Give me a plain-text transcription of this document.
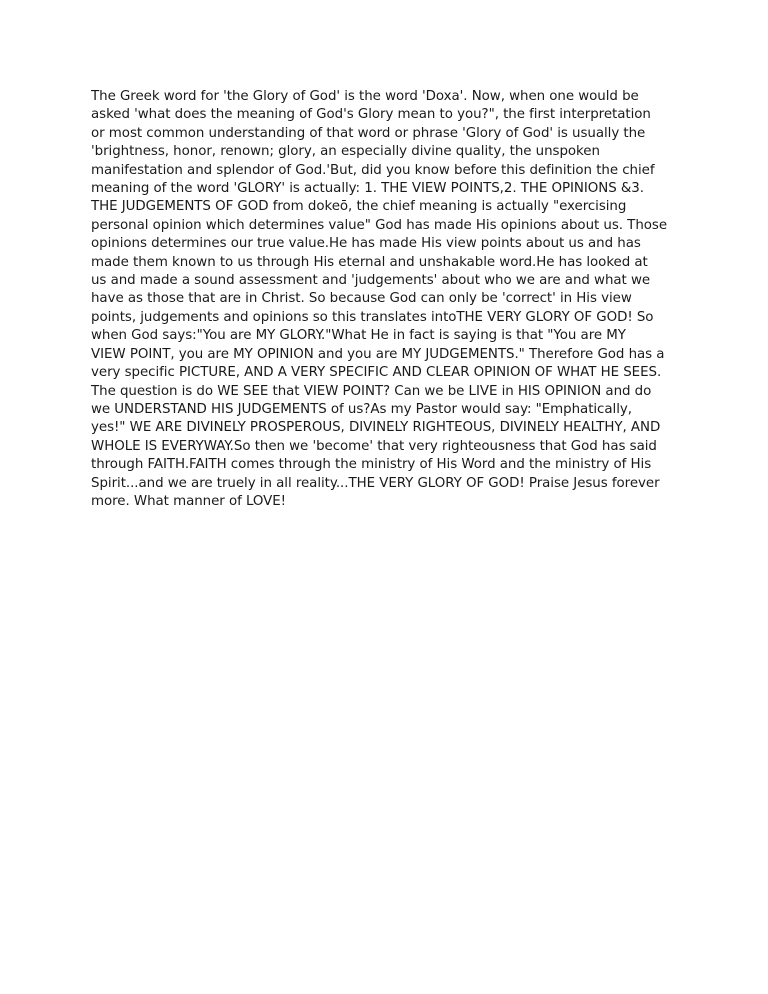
The Greek word for 'the Glory of God' is the word 'Doxa'. Now, when one would be
asked 'what does the meaning of God's Glory mean to you?", the first interpretation
or most common understanding of that word or phrase 'Glory of God' is usually the
'brightness, honor, renown; glory, an especially divine quality, the unspoken
manifestation and splendor of God.'But, did you know before this definition the chief
meaning of the word 'GLORY' is actually: 1. THE VIEW POINTS,2. THE OPINIONS &3.
THE JUDGEMENTS OF GOD from dokeō, the chief meaning is actually "exercising
personal opinion which determines value" God has made His opinions about us. Those
opinions determines our true value.He has made His view points about us and has
made them known to us through His eternal and unshakable word.He has looked at
us and made a sound assessment and 'judgements' about who we are and what we
have as those that are in Christ. So because God can only be 'correct' in His view
points, judgements and opinions so this translates intoTHE VERY GLORY OF GOD! So
when God says:"You are MY GLORY."What He in fact is saying is that "You are MY
VIEW POINT, you are MY OPINION and you are MY JUDGEMENTS." Therefore God has a
very specific PICTURE, AND A VERY SPECIFIC AND CLEAR OPINION OF WHAT HE SEES.
The question is do WE SEE that VIEW POINT? Can we be LIVE in HIS OPINION and do
we UNDERSTAND HIS JUDGEMENTS of us?As my Pastor would say: "Emphatically,
yes!" WE ARE DIVINELY PROSPEROUS, DIVINELY RIGHTEOUS, DIVINELY HEALTHY, AND
WHOLE IS EVERYWAY.So then we 'become' that very righteousness that God has said
through FAITH.FAITH comes through the ministry of His Word and the ministry of His
Spirit...and we are truely in all reality...THE VERY GLORY OF GOD! Praise Jesus forever
more. What manner of LOVE!
